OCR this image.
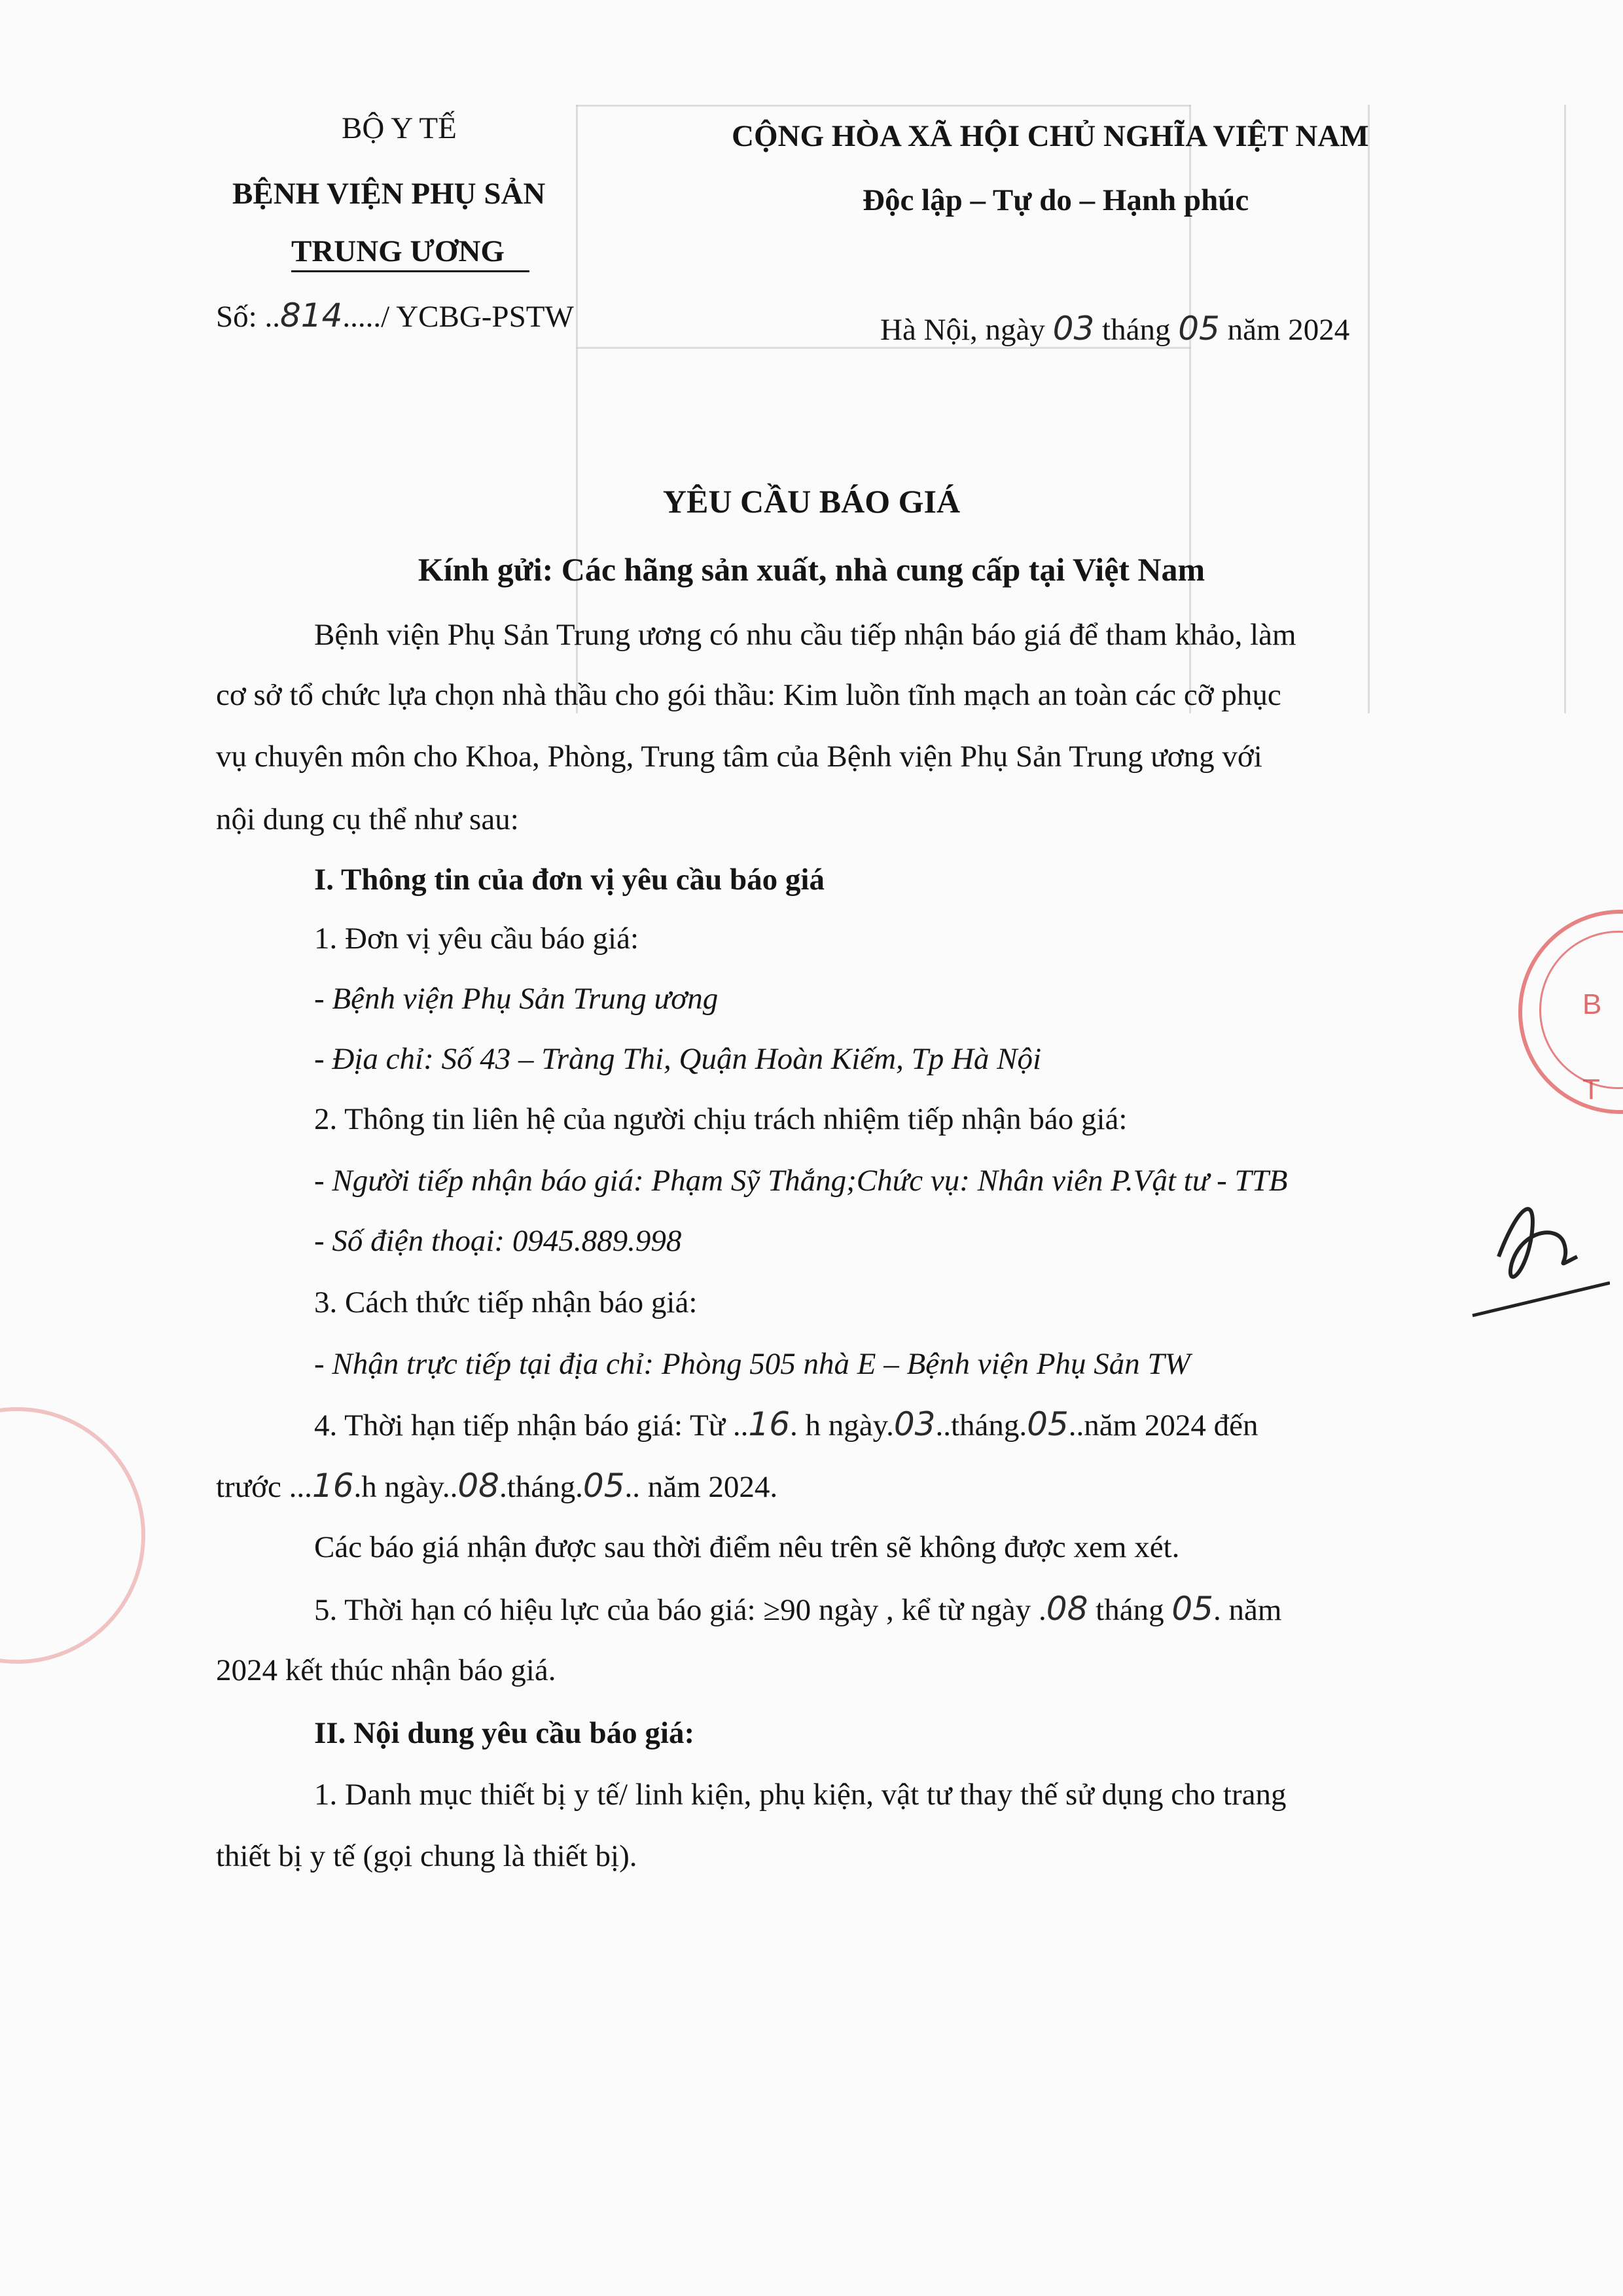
B
T
BỘ Y TẾ
BỆNH VIỆN PHỤ SẢN
TRUNG ƯƠNG
Số: ..814...../ YCBG-PSTW
CỘNG HÒA XÃ HỘI CHỦ NGHĨA VIỆT NAM
Độc lập – Tự do – Hạnh phúc
Hà Nội, ngày 03 tháng 05 năm 2024
YÊU CẦU BÁO GIÁ
Kính gửi: Các hãng sản xuất, nhà cung cấp tại Việt Nam
Bệnh viện Phụ Sản Trung ương có nhu cầu tiếp nhận báo giá để tham khảo, làm
cơ sở tổ chức lựa chọn nhà thầu cho gói thầu: Kim luồn tĩnh mạch an toàn các cỡ phục
vụ chuyên môn cho Khoa, Phòng, Trung tâm của Bệnh viện Phụ Sản Trung ương với
nội dung cụ thể như sau:
I. Thông tin của đơn vị yêu cầu báo giá
1. Đơn vị yêu cầu báo giá:
- Bệnh viện Phụ Sản Trung ương
- Địa chỉ: Số 43 – Tràng Thi, Quận Hoàn Kiếm, Tp Hà Nội
2. Thông tin liên hệ của người chịu trách nhiệm tiếp nhận báo giá:
- Người tiếp nhận báo giá: Phạm Sỹ Thắng;Chức vụ: Nhân viên P.Vật tư - TTB
- Số điện thoại: 0945.889.998
3. Cách thức tiếp nhận báo giá:
- Nhận trực tiếp tại địa chỉ: Phòng 505 nhà E – Bệnh viện Phụ Sản TW
4. Thời hạn tiếp nhận báo giá: Từ ..16. h ngày.03..tháng.05..năm 2024 đến
trước ...16.h ngày..08.tháng.05.. năm 2024.
Các báo giá nhận được sau thời điểm nêu trên sẽ không được xem xét.
5. Thời hạn có hiệu lực của báo giá: ≥90 ngày , kể từ ngày .08 tháng 05. năm
2024 kết thúc nhận báo giá.
II. Nội dung yêu cầu báo giá:
1. Danh mục thiết bị y tế/ linh kiện, phụ kiện, vật tư thay thế sử dụng cho trang
thiết bị y tế (gọi chung là thiết bị).
